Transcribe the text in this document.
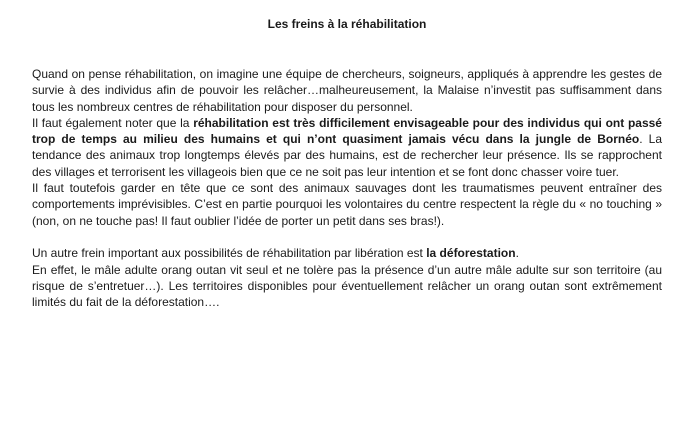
Les freins à la réhabilitation

Quand on pense réhabilitation, on imagine une équipe de chercheurs, soigneurs, appliqués à apprendre les gestes de survie à des individus afin de pouvoir les relâcher…malheureusement, la Malaise n’investit pas suffisamment dans tous les nombreux centres de réhabilitation pour disposer du personnel.

Il faut également noter que la réhabilitation est très difficilement envisageable pour des individus qui ont passé trop de temps au milieu des humains et qui n’ont quasiment jamais vécu dans la jungle de Bornéo. La tendance des animaux trop longtemps élevés par des humains, est de rechercher leur présence. Ils se rapprochent des villages et terrorisent les villageois bien que ce ne soit pas leur intention et se font donc chasser voire tuer.

Il faut toutefois garder en tête que ce sont des animaux sauvages dont les traumatismes peuvent entraîner des comportements imprévisibles. C’est en partie pourquoi les volontaires du centre respectent la règle du « no touching » (non, on ne touche pas! Il faut oublier l’idée de porter un petit dans ses bras!).

Un autre frein important aux possibilités de réhabilitation par libération est la déforestation.

En effet, le mâle adulte orang outan vit seul et ne tolère pas la présence d’un autre mâle adulte sur son territoire (au risque de s’entretuer…). Les territoires disponibles pour éventuellement relâcher un orang outan sont extrêmement limités du fait de la déforestation….
